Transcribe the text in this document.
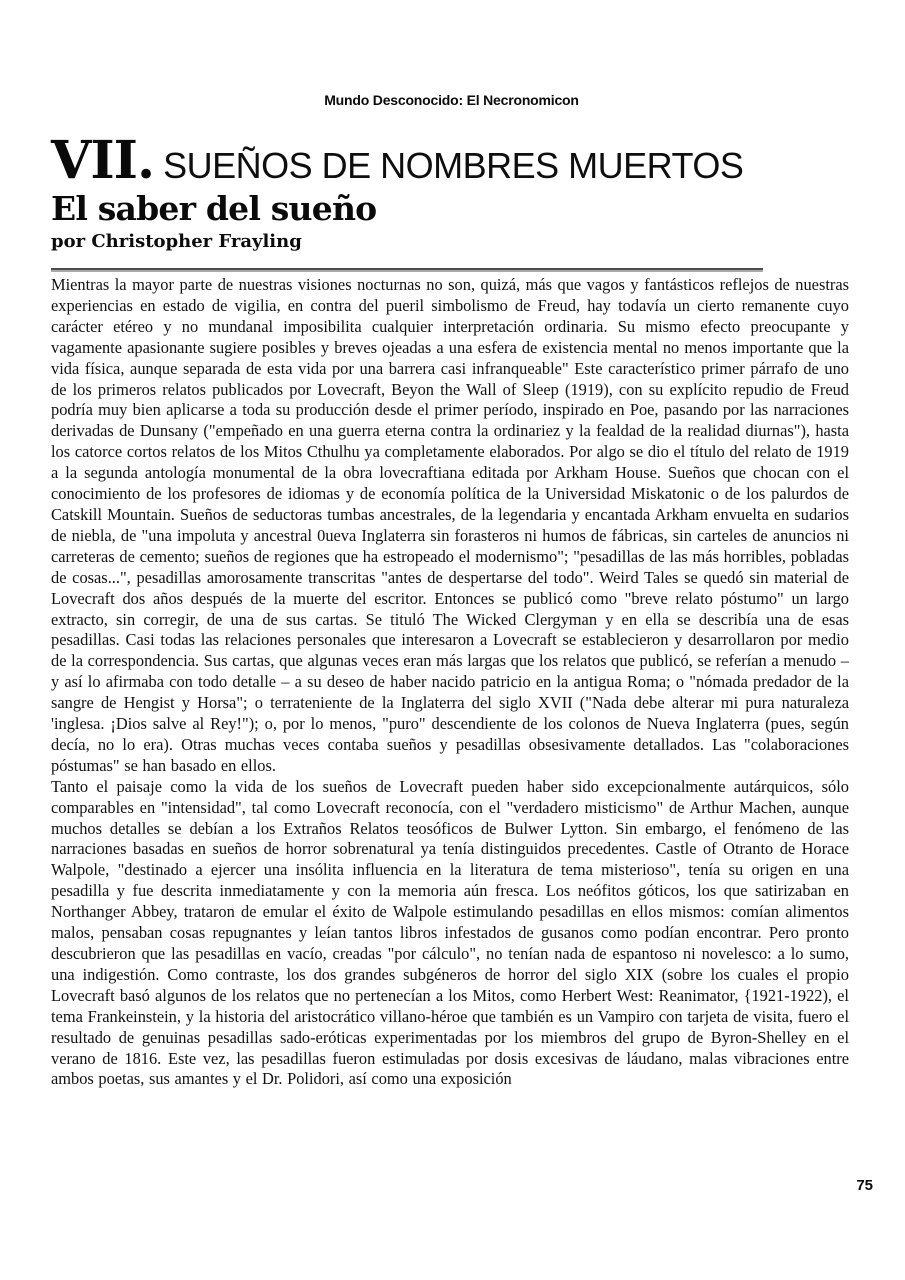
Mundo Desconocido: El Necronomicon
VII. SUEÑOS DE NOMBRES MUERTOS
El saber del sueño
por Christopher Frayling

Mientras la mayor parte de nuestras visiones nocturnas no son, quizá, más que vagos y fantásticos reflejos de nuestras experiencias en estado de vigilia, en contra del pueril simbolismo de Freud, hay todavía un cierto remanente cuyo carácter etéreo y no mundanal imposibilita cualquier interpretación ordinaria. Su mismo efecto preocupante y vagamente apasionante sugiere posibles y breves ojeadas a una esfera de existencia mental no menos importante que la vida física, aunque separada de esta vida por una barrera casi infranqueable" Este característico primer párrafo de uno de los primeros relatos publicados por Lovecraft, Beyon the Wall of Sleep (1919), con su explícito repudio de Freud podría muy bien aplicarse a toda su producción desde el primer período, inspirado en Poe, pasando por las narraciones derivadas de Dunsany ("empeñado en una guerra eterna contra la ordinariez y la fealdad de la realidad diurnas"), hasta los catorce cortos relatos de los Mitos Cthulhu ya completamente elaborados. Por algo se dio el título del relato de 1919 a la segunda antología monumental de la obra lovecraftiana editada por Arkham House. Sueños que chocan con el conocimiento de los profesores de idiomas y de economía política de la Universidad Miskatonic o de los palurdos de Catskill Mountain. Sueños de seductoras tumbas ancestrales, de la legendaria y encantada Arkham envuelta en sudarios de niebla, de "una impoluta y ancestral 0ueva Inglaterra sin forasteros ni humos de fábricas, sin carteles de anuncios ni carreteras de cemento; sueños de regiones que ha estropeado el modernismo"; "pesadillas de las más horribles, pobladas de cosas...", pesadillas amorosamente transcritas "antes de despertarse del todo". Weird Tales se quedó sin material de Lovecraft dos años después de la muerte del escritor. Entonces se publicó como "breve relato póstumo" un largo extracto, sin corregir, de una de sus cartas. Se tituló The Wicked Clergyman y en ella se describía una de esas pesadillas. Casi todas las relaciones personales que interesaron a Lovecraft se establecieron y desarrollaron por medio de la correspondencia. Sus cartas, que algunas veces eran más largas que los relatos que publicó, se referían a menudo – y así lo afirmaba con todo detalle – a su deseo de haber nacido patricio en la antigua Roma; o "nómada predador de la sangre de Hengist y Horsa"; o terrateniente de la Inglaterra del siglo XVII ("Nada debe alterar mi pura naturaleza 'inglesa. ¡Dios salve al Rey!"); o, por lo menos, "puro" descendiente de los colonos de Nueva Inglaterra (pues, según decía, no lo era). Otras muchas veces contaba sueños y pesadillas obsesivamente detallados. Las "colaboraciones póstumas" se han basado en ellos.

Tanto el paisaje como la vida de los sueños de Lovecraft pueden haber sido excepcionalmente autárquicos, sólo comparables en "intensidad", tal como Lovecraft reconocía, con el "verdadero misticismo" de Arthur Machen, aunque muchos detalles se debían a los Extraños Relatos teosóficos de Bulwer Lytton. Sin embargo, el fenómeno de las narraciones basadas en sueños de horror sobrenatural ya tenía distinguidos precedentes. Castle of Otranto de Horace Walpole, "destinado a ejercer una insólita influencia en la literatura de tema misterioso", tenía su origen en una pesadilla y fue descrita inmediatamente y con la memoria aún fresca. Los neófitos góticos, los que satirizaban en Northanger Abbey, trataron de emular el éxito de Walpole estimulando pesadillas en ellos mismos: comían alimentos malos, pensaban cosas repugnantes y leían tantos libros infestados de gusanos como podían encontrar. Pero pronto descubrieron que las pesadillas en vacío, creadas "por cálculo", no tenían nada de espantoso ni novelesco: a lo sumo, una indigestión. Como contraste, los dos grandes subgéneros de horror del siglo XIX (sobre los cuales el propio Lovecraft basó algunos de los relatos que no pertenecían a los Mitos, como Herbert West: Reanimator, {1921-1922), el tema Frankeinstein, y la historia del aristocrático villano-héroe que también es un Vampiro con tarjeta de visita, fuero el resultado de genuinas pesadillas sado-eróticas experimentadas por los miembros del grupo de Byron-Shelley en el verano de 1816. Este vez, las pesadillas fueron estimuladas por dosis excesivas de láudano, malas vibraciones entre ambos poetas, sus amantes y el Dr. Polidori, así como una exposición

75
